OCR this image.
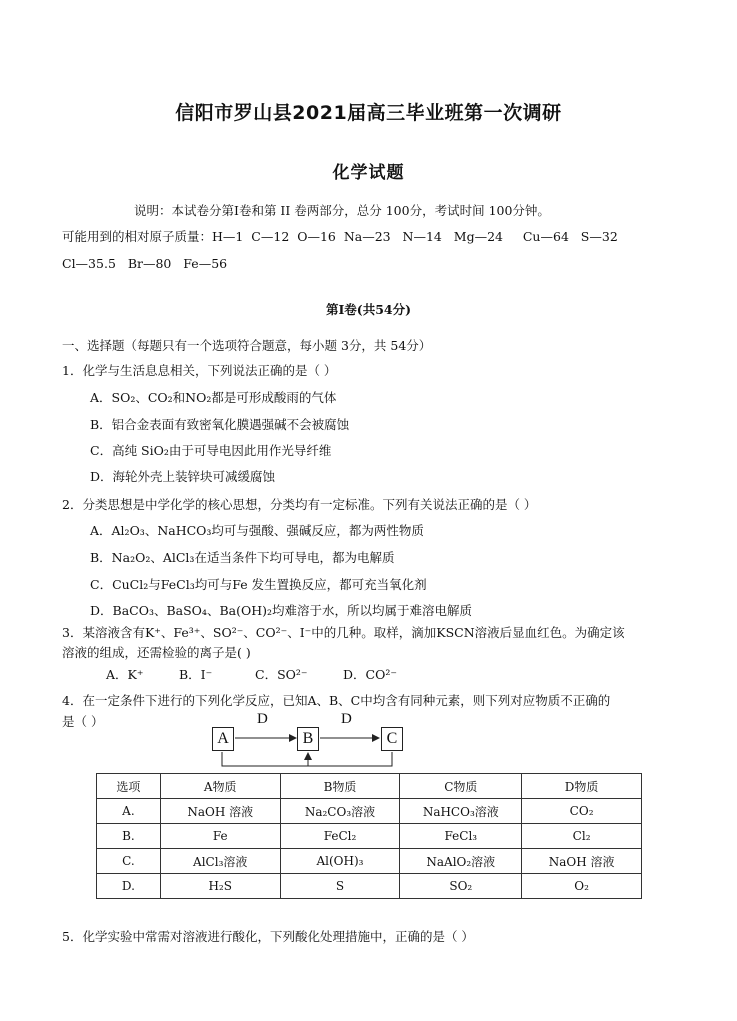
信阳市罗山县2021届高三毕业班第一次调研
化学试题
说明：本试卷分第Ⅰ卷和第 II 卷两部分，总分 100分，考试时间 100分钟。
可能用到的相对原子质量：H—1  C—12  O—16  Na—23   N—14   Mg—24     Cu—64   S—32
Cl—35.5   Br—80   Fe—56
第Ⅰ卷(共54分)
一、选择题（每题只有一个选项符合题意，每小题 3分，共 54分）
1．化学与生活息息相关，下列说法正确的是（ ）
A．SO₂、CO₂和NO₂都是可形成酸雨的气体
B．铝合金表面有致密氧化膜遇强碱不会被腐蚀
C．高纯 SiO₂由于可导电因此用作光导纤维
D．海轮外壳上装锌块可减缓腐蚀
2．分类思想是中学化学的核心思想，分类均有一定标准。下列有关说法正确的是（ ）
A．Al₂O₃、NaHCO₃均可与强酸、强碱反应，都为两性物质
B．Na₂O₂、AlCl₃在适当条件下均可导电，都为电解质
C．CuCl₂与FeCl₃均可与Fe 发生置换反应，都可充当氧化剂
D．BaCO₃、BaSO₄、Ba(OH)₂均难溶于水，所以均属于难溶电解质
3．某溶液含有K⁺、Fe³⁺、SO²⁻、CO²⁻、I⁻中的几种。取样，滴加KSCN溶液后显血红色。为确定该
溶液的组成，还需检验的离子是( )
A．K⁺	B．I⁻	C．SO²⁻	D．CO²⁻
4．在一定条件下进行的下列化学反应，已知A、B、C中均含有同种元素，则下列对应物质不正确的
是（ ）
A	B	C
D	D
选项	A物质	B物质	C物质	D物质
A.	NaOH 溶液	Na₂CO₃溶液	NaHCO₃溶液	CO₂
B.	Fe	FeCl₂	FeCl₃	Cl₂
C.	AlCl₃溶液	Al(OH)₃	NaAlO₂溶液	NaOH 溶液
D.	H₂S	S	SO₂	O₂
5．化学实验中常需对溶液进行酸化，下列酸化处理措施中，正确的是（ ）
